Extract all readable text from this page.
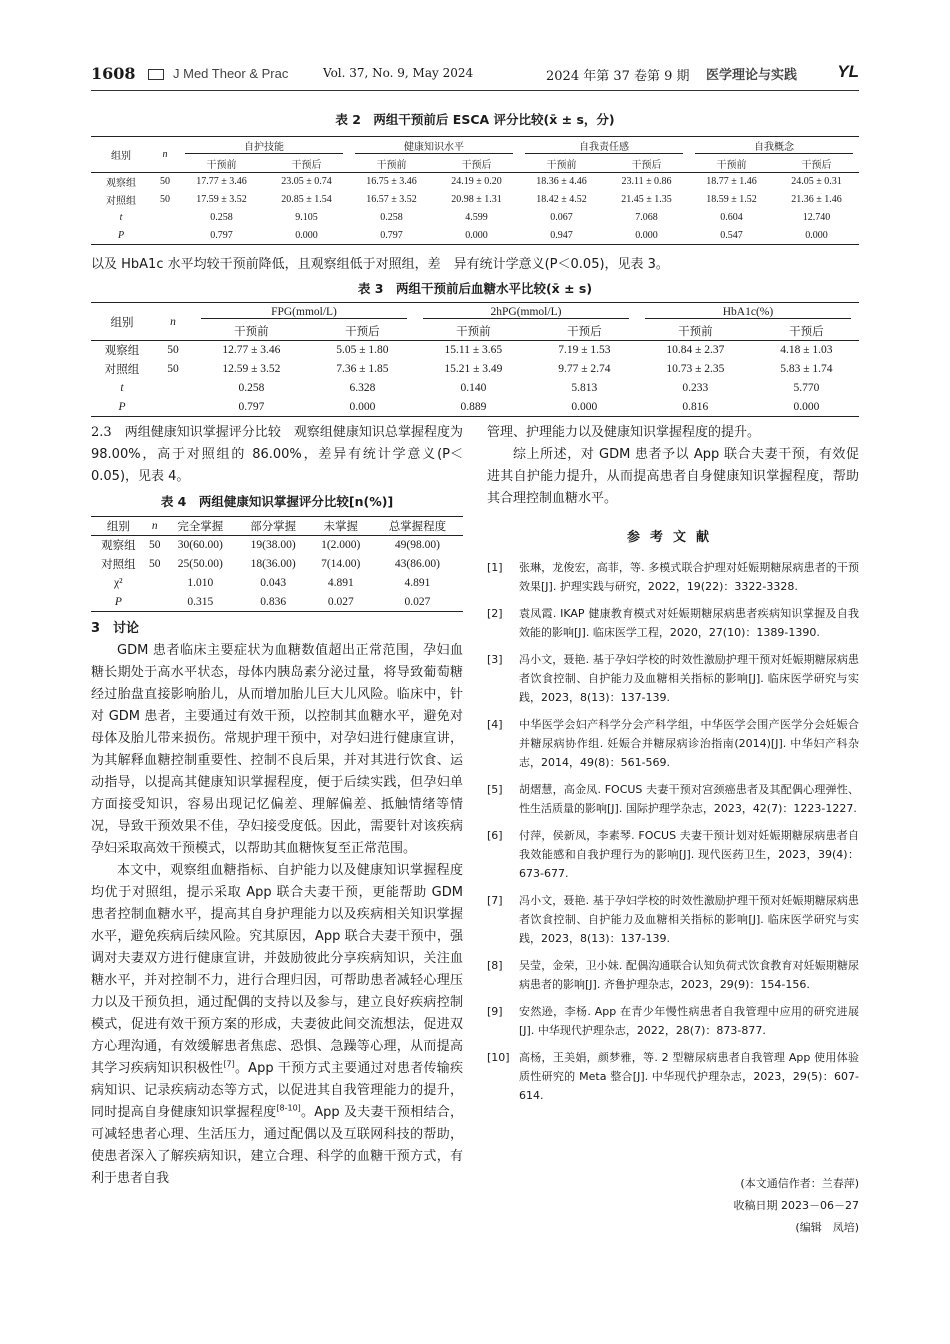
1608	J Med Theor & Prac	Vol. 37, No. 9, May 2024	2024 年第 37 卷第 9 期 医学理论与实践 YL
表 2　两组干预前后 ESCA 评分比较(x̄ ± s，分)
组别	n	自护技能		健康知识水平		自我责任感		自我概念	

		干预前	干预后	干预前	干预后	干预前	干预后	干预前	干预后
观察组	50	17.77 ± 3.46	23.05 ± 0.74	16.75 ± 3.46	24.19 ± 0.20	18.36 ± 4.46	23.11 ± 0.86	18.77 ± 1.46	24.05 ± 0.31
对照组	50	17.59 ± 3.52	20.85 ± 1.54	16.57 ± 3.52	20.98 ± 1.31	18.42 ± 4.52	21.45 ± 1.35	18.59 ± 1.52	21.36 ± 1.46
t		0.258	9.105	0.258	4.599	0.067	7.068	0.604	12.740
P		0.797	0.000	0.797	0.000	0.947	0.000	0.547	0.000
以及 HbA1c 水平均较干预前降低，且观察组低于对照组，差　异有统计学意义(P＜0.05)，见表 3。
表 3　两组干预前后血糖水平比较(x̄ ± s)
组别	n	FPG(mmol/L)		2hPG(mmol/L)		HbA1c(%)	

		干预前	干预后	干预前	干预后	干预前	干预后
观察组	50	12.77 ± 3.46	5.05 ± 1.80	15.11 ± 3.65	7.19 ± 1.53	10.84 ± 2.37	4.18 ± 1.03
对照组	50	12.59 ± 3.52	7.36 ± 1.85	15.21 ± 3.49	9.77 ± 2.74	10.73 ± 2.35	5.83 ± 1.74
t		0.258	6.328	0.140	5.813	0.233	5.770
P		0.797	0.000	0.889	0.000	0.816	0.000

2.3　两组健康知识掌握评分比较　观察组健康知识总掌握程度为 98.00%，高于对照组的 86.00%，差异有统计学意义(P＜0.05)，见表 4。

表 4　两组健康知识掌握评分比较[n(%)]
组别	n	完全掌握	部分掌握	未掌握	总掌握程度
观察组	50	30(60.00)	19(38.00)	1(2.000)	49(98.00)
对照组	50	25(50.00)	18(36.00)	7(14.00)	43(86.00)
χ²		1.010	0.043	4.891	4.891
P		0.315	0.836	0.027	0.027

3　讨论

GDM 患者临床主要症状为血糖数值超出正常范围，孕妇血糖长期处于高水平状态，母体内胰岛素分泌过量，将导致葡萄糖经过胎盘直接影响胎儿，从而增加胎儿巨大儿风险。临床中，针对 GDM 患者，主要通过有效干预，以控制其血糖水平，避免对母体及胎儿带来损伤。常规护理干预中，对孕妇进行健康宣讲，为其解释血糖控制重要性、控制不良后果，并对其进行饮食、运动指导，以提高其健康知识掌握程度，便于后续实践，但孕妇单方面接受知识，容易出现记忆偏差、理解偏差、抵触情绪等情况，导致干预效果不佳，孕妇接受度低。因此，需要针对该疾病孕妇采取高效干预模式，以帮助其血糖恢复至正常范围。

本文中，观察组血糖指标、自护能力以及健康知识掌握程度均优于对照组，提示采取 App 联合夫妻干预，更能帮助 GDM 患者控制血糖水平，提高其自身护理能力以及疾病相关知识掌握水平，避免疾病后续风险。究其原因，App 联合夫妻干预中，强调对夫妻双方进行健康宣讲，并鼓励彼此分享疾病知识，关注血糖水平，并对控制不力，进行合理归因，可帮助患者减轻心理压力以及干预负担，通过配偶的支持以及参与，建立良好疾病控制模式，促进有效干预方案的形成，夫妻彼此间交流想法，促进双方心理沟通，有效缓解患者焦虑、恐惧、急躁等心理，从而提高其学习疾病知识积极性[7]。App 干预方式主要通过对患者传输疾病知识、记录疾病动态等方式，以促进其自我管理能力的提升，同时提高自身健康知识掌握程度[8-10]。App 及夫妻干预相结合，可减轻患者心理、生活压力，通过配偶以及互联网科技的帮助，使患者深入了解疾病知识，建立合理、科学的血糖干预方式，有利于患者自我

管理、护理能力以及健康知识掌握程度的提升。

综上所述，对 GDM 患者予以 App 联合夫妻干预，有效促进其自护能力提升，从而提高患者自身健康知识掌握程度，帮助其合理控制血糖水平。

参考文献
[1]	张琳，龙俊宏，高菲，等. 多模式联合护理对妊娠期糖尿病患者的干预效果[J]. 护理实践与研究，2022，19(22)：3322-3328.
[2]	袁凤霞. IKAP 健康教育模式对妊娠期糖尿病患者疾病知识掌握及自我效能的影响[J]. 临床医学工程，2020，27(10)：1389-1390.
[3]	冯小文，聂艳. 基于孕妇学校的时效性激励护理干预对妊娠期糖尿病患者饮食控制、自护能力及血糖相关指标的影响[J]. 临床医学研究与实践，2023，8(13)：137-139.
[4]	中华医学会妇产科学分会产科学组，中华医学会围产医学分会妊娠合并糖尿病协作组. 妊娠合并糖尿病诊治指南(2014)[J]. 中华妇产科杂志，2014，49(8)：561-569.
[5]	胡熠慧，高金凤. FOCUS 夫妻干预对宫颈癌患者及其配偶心理弹性、性生活质量的影响[J]. 国际护理学杂志，2023，42(7)：1223-1227.
[6]	付萍，侯新凤，李素琴. FOCUS 夫妻干预计划对妊娠期糖尿病患者自我效能感和自我护理行为的影响[J]. 现代医药卫生，2023，39(4)：673-677.
[7]	冯小文，聂艳. 基于孕妇学校的时效性激励护理干预对妊娠期糖尿病患者饮食控制、自护能力及血糖相关指标的影响[J]. 临床医学研究与实践，2023，8(13)：137-139.
[8]	吴莹，金荣，卫小妹. 配偶沟通联合认知负荷式饮食教育对妊娠期糖尿病患者的影响[J]. 齐鲁护理杂志，2023，29(9)：154-156.
[9]	安然逊，李杨. App 在青少年慢性病患者自我管理中应用的研究进展[J]. 中华现代护理杂志，2022，28(7)：873-877.
[10] 高杨，王美娟，颜梦雅，等. 2 型糖尿病患者自我管理 App 使用体验质性研究的 Meta 整合[J]. 中华现代护理杂志，2023，29(5)：607-614.
(本文通信作者：兰春萍)
收稿日期 2023－06－27
(编辑　凤培)
